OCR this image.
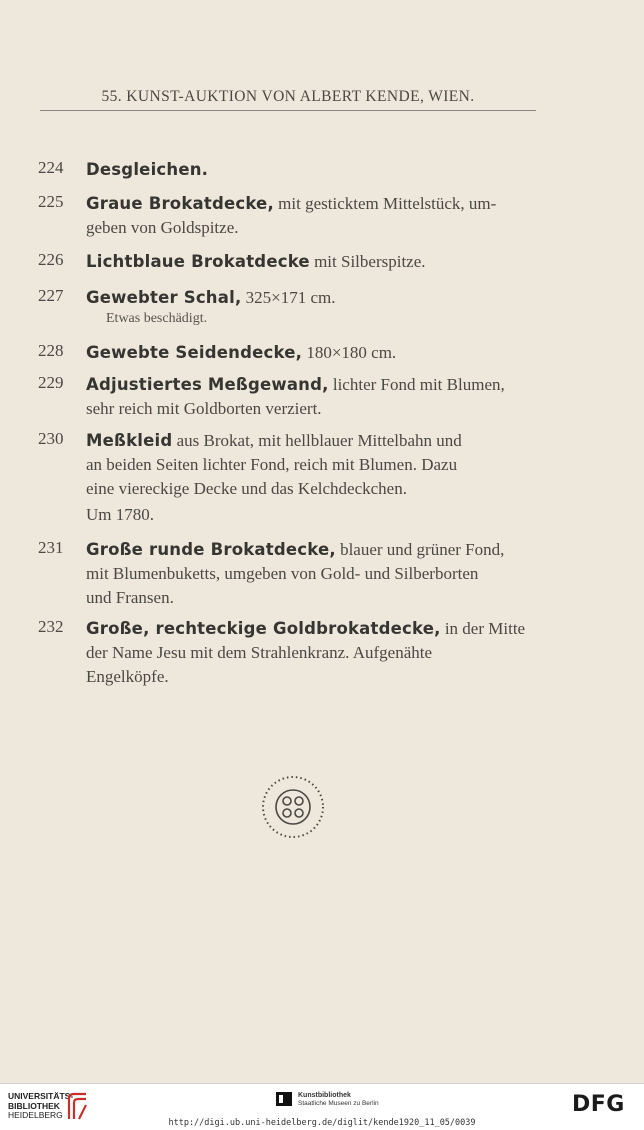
55. KUNST-AUKTION VON ALBERT KENDE, WIEN.
224 Desgleichen.
225 Graue Brokatdecke, mit gesticktem Mittelstück, um-
geben von Goldspitze.
226 Lichtblaue Brokatdecke mit Silberspitze.
227 Gewebter Schal, 325×171 cm.
Etwas beschädigt.
228 Gewebte Seidendecke, 180×180 cm.
229 Adjustiertes Meßgewand, lichter Fond mit Blumen,
sehr reich mit Goldborten verziert.
230 Meßkleid aus Brokat, mit hellblauer Mittelbahn und
an beiden Seiten lichter Fond, reich mit Blumen. Dazu
eine viereckige Decke und das Kelchdeckchen.
Um 1780.
231 Große runde Brokatdecke, blauer und grüner Fond,
mit Blumenbuketts, umgeben von Gold- und Silberborten
und Fransen.
232 Große, rechteckige Goldbrokatdecke, in der Mitte
der Name Jesu mit dem Strahlenkranz. Aufgenähte
Engelköpfe.
UNIVERSITÄTS-
BIBLIOTHEK
HEIDELBERG
Kunstbibliothek
Staatliche Museen zu Berlin
http://digi.ub.uni-heidelberg.de/diglit/kende1920_11_05/0039
DFG
